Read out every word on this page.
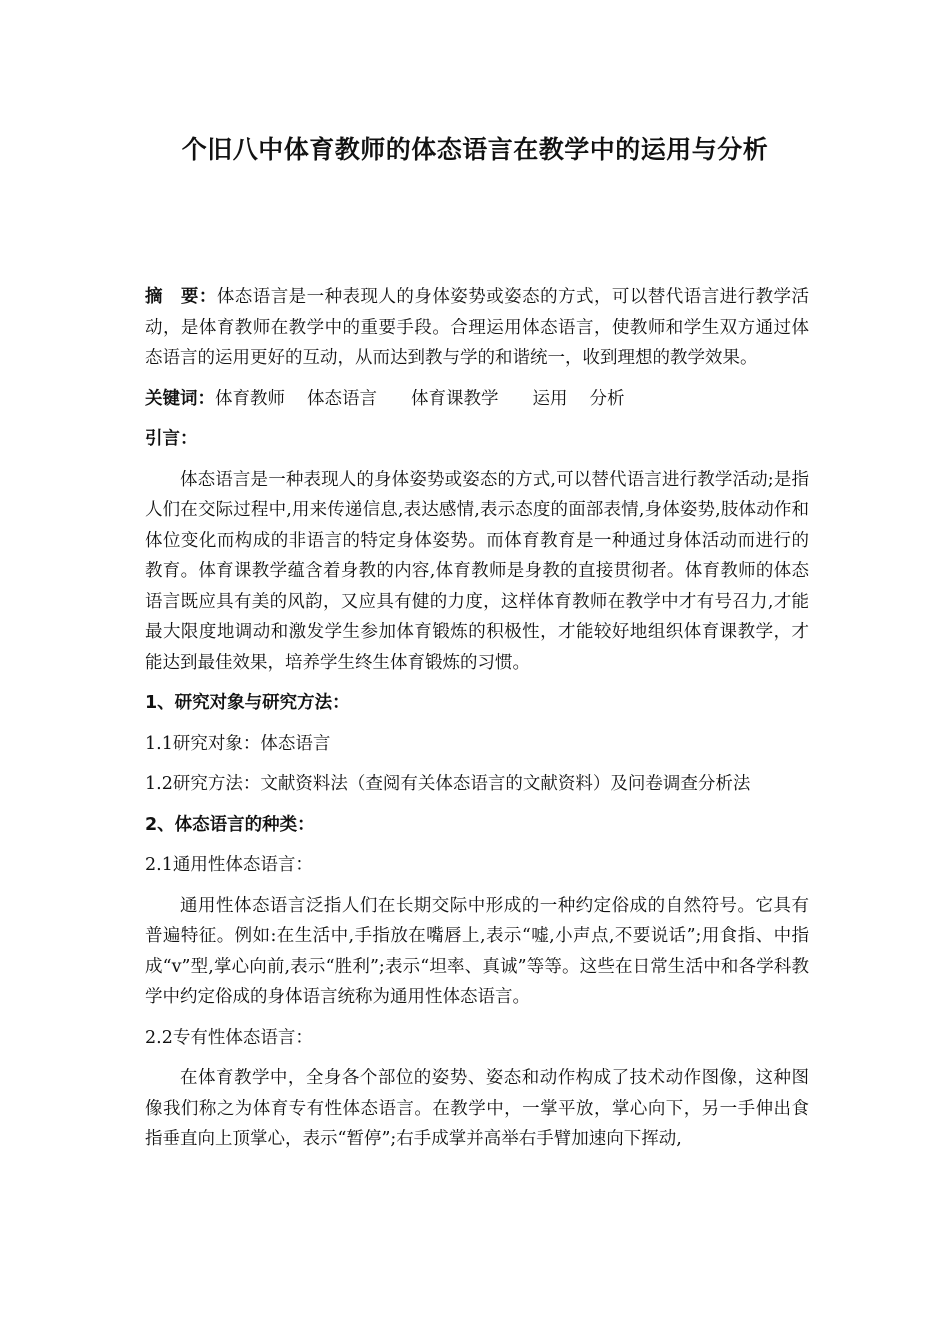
个旧八中体育教师的体态语言在教学中的运用与分析

摘　要：体态语言是一种表现人的身体姿势或姿态的方式，可以替代语言进行教学活动，是体育教师在教学中的重要手段。合理运用体态语言，使教师和学生双方通过体态语言的运用更好的互动，从而达到教与学的和谐统一，收到理想的教学效果。

关键词：体育教师 体态语言 体育课教学 运用 分析

引言：

体态语言是一种表现人的身体姿势或姿态的方式,可以替代语言进行教学活动;是指人们在交际过程中,用来传递信息,表达感情,表示态度的面部表情,身体姿势,肢体动作和体位变化而构成的非语言的特定身体姿势。而体育教育是一种通过身体活动而进行的教育。体育课教学蕴含着身教的内容,体育教师是身教的直接贯彻者。体育教师的体态语言既应具有美的风韵，又应具有健的力度，这样体育教师在教学中才有号召力,才能最大限度地调动和激发学生参加体育锻炼的积极性，才能较好地组织体育课教学，才能达到最佳效果，培养学生终生体育锻炼的习惯。

1、研究对象与研究方法：

1.1研究对象：体态语言

1.2研究方法：文献资料法（查阅有关体态语言的文献资料）及问卷调查分析法

2、体态语言的种类：

2.1通用性体态语言：

通用性体态语言泛指人们在长期交际中形成的一种约定俗成的自然符号。它具有普遍特征。例如:在生活中,手指放在嘴唇上,表示“嘘,小声点,不要说话”;用食指、中指成“v”型,掌心向前,表示“胜利”;表示“坦率、真诚”等等。这些在日常生活中和各学科教学中约定俗成的身体语言统称为通用性体态语言。

2.2专有性体态语言：

在体育教学中，全身各个部位的姿势、姿态和动作构成了技术动作图像，这种图像我们称之为体育专有性体态语言。在教学中，一掌平放，掌心向下，另一手伸出食指垂直向上顶掌心，表示“暂停”;右手成掌并高举右手臂加速向下挥动,
